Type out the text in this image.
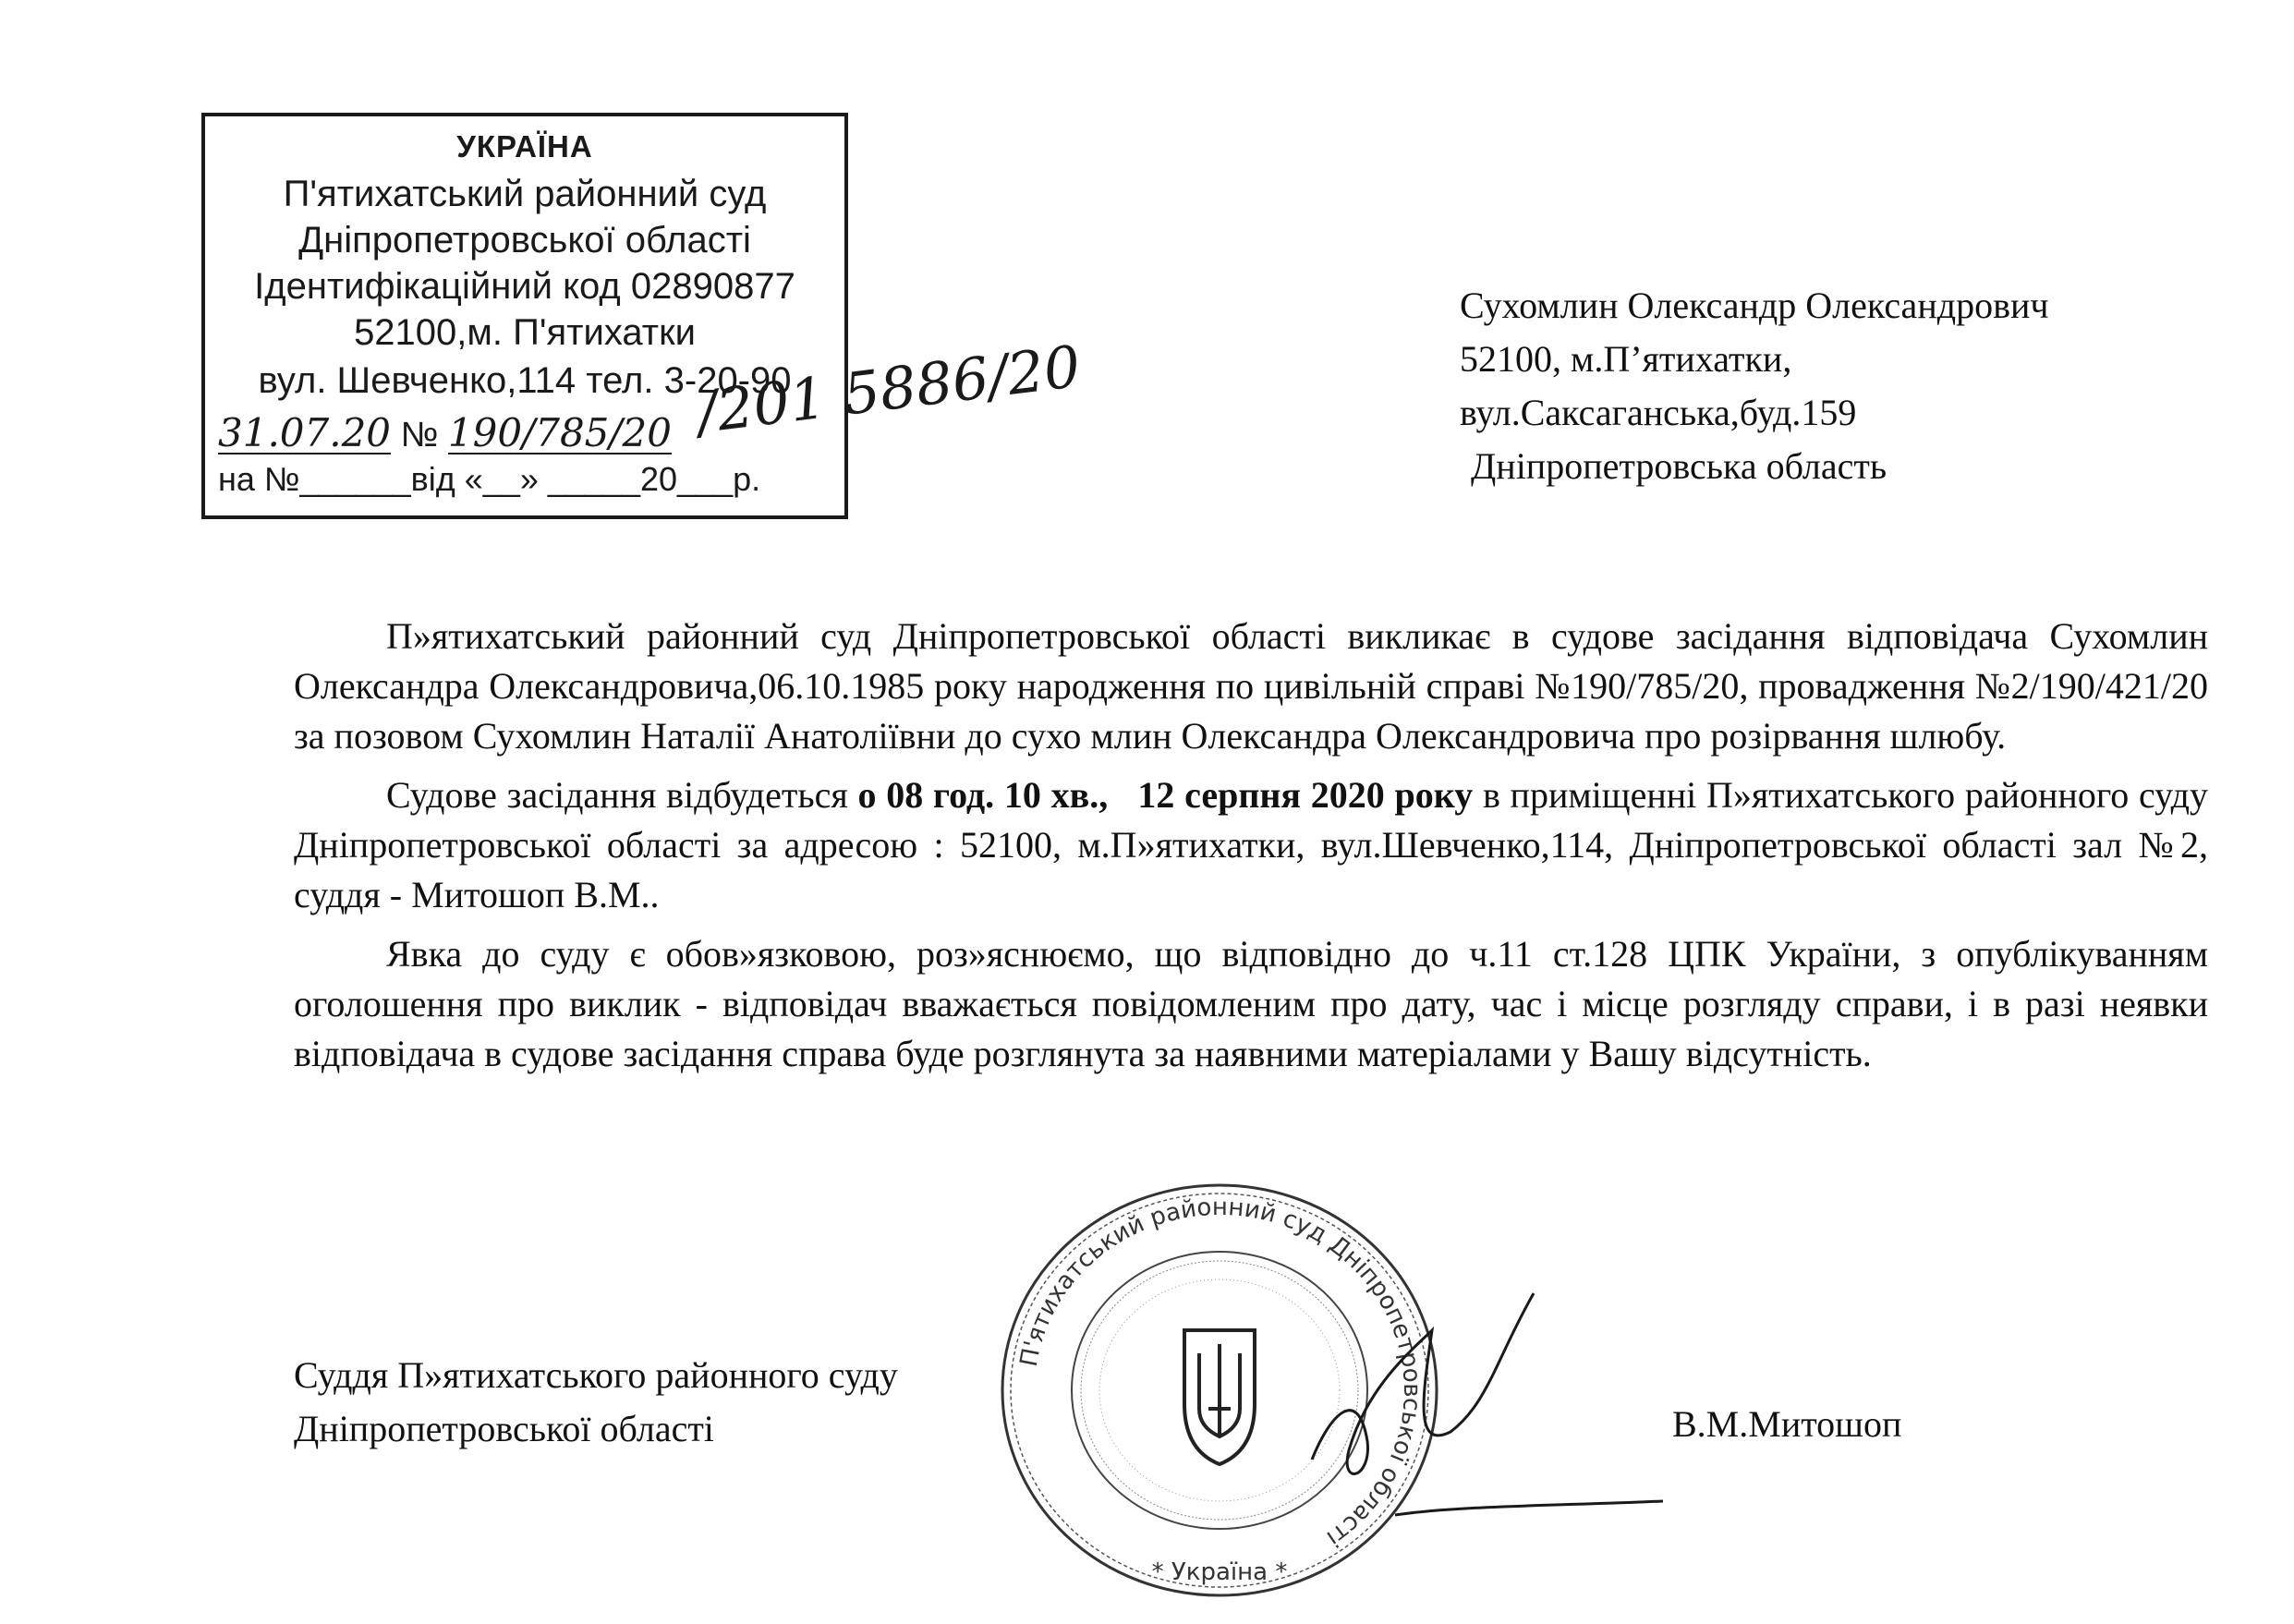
УКРАЇНА
П'ятихатський районний суд
Дніпропетровської області
Ідентифікаційний код 02890877
52100,м. П'ятихатки
вул. Шевченко,114 тел. 3-20-90
31.07.20 № 190/785/20
на №______від «__» _____20___р.
/201 5886/20
Сухомлин Олександр Олександрович
52100, м.П’ятихатки,
вул.Саксаганська,буд.159
Дніпропетровська область

П»ятихатський районний суд Дніпропетровської області викликає в судове засідання відповідача Сухомлин Олександра Олександровича,06.10.1985 року народження по цивільній справі №190/785/20, провадження №2/190/421/20 за позовом Сухомлин Наталії Анатоліївни до сухо млин Олександра Олександровича про розірвання шлюбу.

Судове засідання відбудеться о 08 год. 10 хв., 12 серпня 2020 року в приміщенні П»ятихатського районного суду Дніпропетровської області за адресою : 52100, м.П»ятихатки, вул.Шевченко,114, Дніпропетровської області зал №2, суддя - Митошоп В.М..

Явка до суду є обов»язковою, роз»яснюємо, що відповідно до ч.11 ст.128 ЦПК України, з опублікуванням оголошення про виклик - відповідач вважається повідомленим про дату, час і місце розгляду справи, і в разі неявки відповідача в судове засідання справа буде розглянута за наявними матеріалами у Вашу відсутність.

Суддя П»ятихатського районного суду
Дніпропетровської області	В.М.Митошоп
П'ятихатський районний суд Дніпропетровської області
* Україна *
